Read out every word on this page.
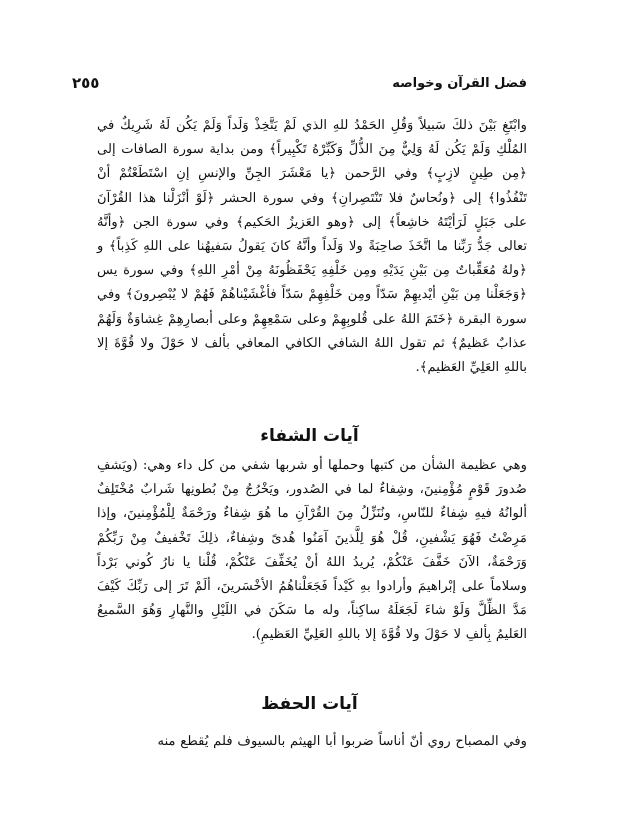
فضل القرآن وخواصه
٢٥٥

وابْتَغِ بَيْنَ ذلكَ سَبيلاً وَقُلِ الحَمْدُ للهِ الذي لَمْ يَتَّخِذْ وَلَداً وَلَمْ يَكُن لَهُ شَرِيكٌ في المُلْكِ وَلَمْ يَكُن لَهُ وَلِيٌّ مِنَ الذُّلِّ وَكَبِّرْهُ تَكْبِيراً﴾ ومن بداية سورة الصافات إلى ﴿مِن طِينٍ لازِبٍ﴾ وفي الرَّحمن ﴿يا مَعْشَرَ الجِنِّ والإنسِ إنِ اسْتَطَعْتُمْ أنْ تَنْفُذُوا﴾ إلى ﴿ونُحاسٌ فلا تَنْتَصِرانِ﴾ وفي سورة الحشر ﴿لَوْ أنْزَلْنا هذا القُرْآنَ على جَبَلٍ لَرَأيْتَهُ خاشِعاً﴾ إلى ﴿وهو العَزيزُ الحَكيم﴾ وفي سورة الجن ﴿وأنَّهُ تعالى جَدُّ رَبِّنا ما اتَّخَذَ صاحِبَةً ولا وَلَداً وأنَّهُ كانَ يَقولُ سَفيهُنا على اللهِ كَذِباً﴾ و ﴿ولهُ مُعَقِّباتٌ مِن بَيْنِ يَدَيْهِ ومِن خَلْفِهِ يَحْفَظُونَهُ مِنْ أمْرِ اللهِ﴾ وفي سورة يس ﴿وَجَعَلْنا مِن بَيْنِ أيْديهِمْ سَدّاً ومِن خَلْفِهِمْ سَدّاً فأغْشَيْناهُمْ فَهُمْ لا يُبْصِرونَ﴾ وفي سورة البقرة ﴿خَتَمَ اللهُ على قُلوبِهِمْ وعلى سَمْعِهِمْ وعلى أبصارِهِمْ غِشاوَةٌ وَلَهُمْ عذابٌ عَظيمٌ﴾ ثم تقول اللهُ الشافي الكافي المعافي بألف لا حَوْلَ ولا قُوَّةَ إلا باللهِ العَلِيِّ العَظيم﴾.

آيات الشفاء

وهي عظيمة الشأن من كتبها وحملها أو شربها شفي من كل داء وهي: (ويَشفِ صُدورَ قَوْمٍ مُؤْمِنينَ، وشِفاءٌ لما في الصُدور، ويَخْرُجُ مِنْ بُطونِها شَرابٌ مُخْتَلِفٌ ألوانُهُ فيهِ شِفاءٌ للنّاسِ، ونُنَزِّلُ مِنَ القُرْآنِ ما هُوَ شِفاءٌ ورَحْمَةٌ لِلْمُؤْمِنينَ، وإذا مَرِضْتُ فَهُوَ يَشْفينِ، قُلْ هُوَ لِلَّذينَ آمَنُوا هُدىً وشِفاءٌ، ذلِكَ تَخْفيفٌ مِنْ رَبِّكُمْ وَرَحْمَةٌ، الآنَ خَفَّفَ عَنْكُمْ، يُريدُ اللهُ أنْ يُخَفِّفَ عَنْكُمْ، قُلْنا يا نارُ كُوني بَرْداً وسلاماً على إبْراهيمَ وأرادوا بهِ كَيْداً فَجَعَلْناهُمُ الأخْسَرينَ، ألَمْ تَرَ إلى رَبِّكَ كَيْفَ مَدَّ الظِّلَّ وَلَوْ شاءَ لَجَعَلَهُ ساكِناً، وله ما سَكَنَ في اللَيْلِ والنَّهارِ وَهُوَ السَّميعُ العَليمُ بِألفِ لا حَوْلَ ولا قُوَّةَ إلا باللهِ العَلِيِّ العَظيمِ).

آيات الحفظ

وفي المصباح روي أنّ أناساً ضربوا أبا الهيثم بالسيوف فلم يُقطع منه
